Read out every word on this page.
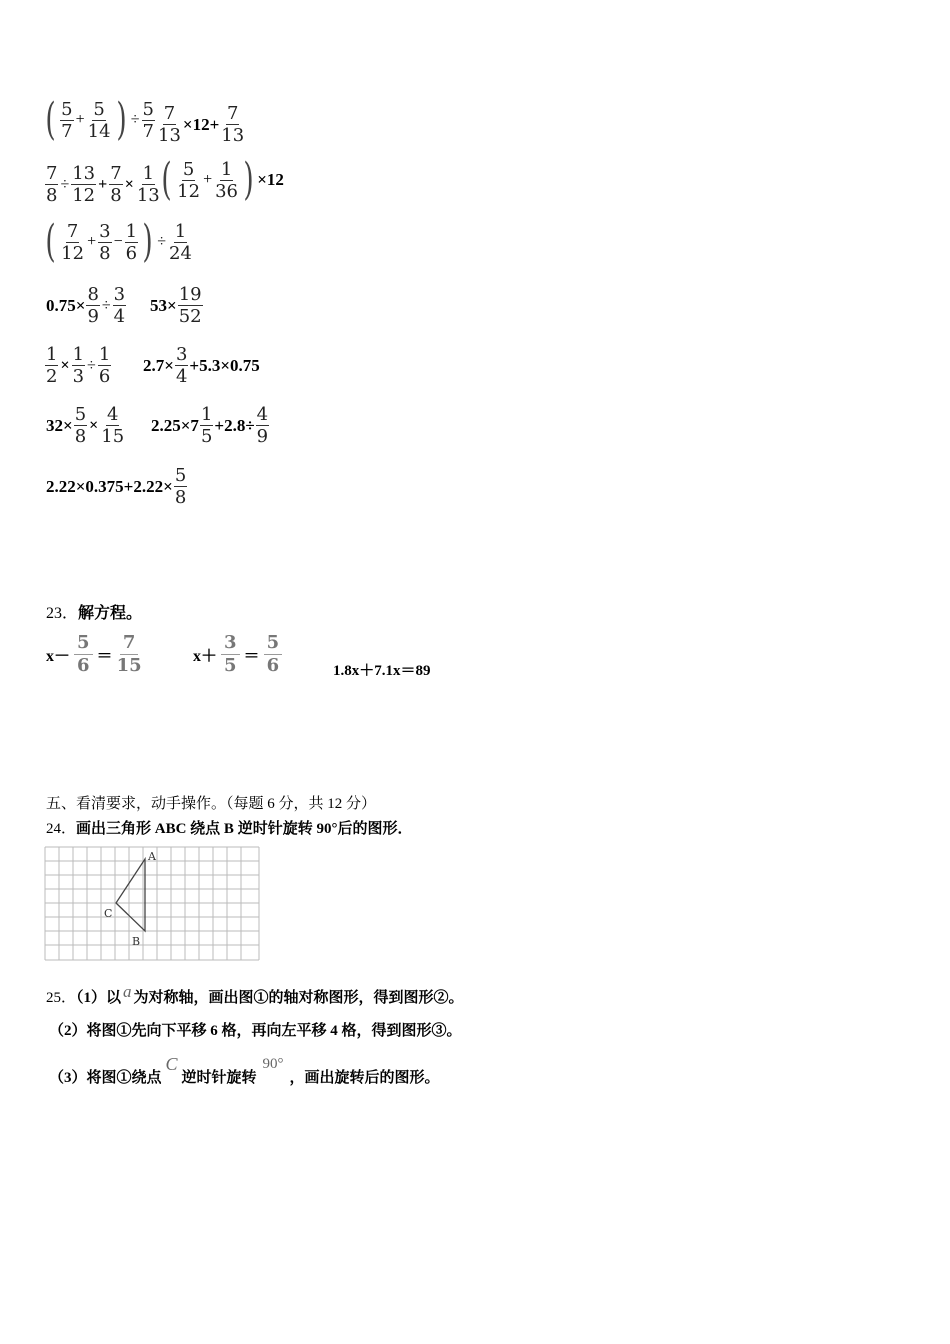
( 5
7
+ $\frac{5}{14}$ ) ÷ $\frac{5}{7} \frac{7}{13} \times 12+ \frac{7}{13}$
$\frac{7}{8} \div \frac{13}{12} + \frac{7}{8} \times \frac{1}{13}$ ( 5
12
+ $\frac{1}{36}$ ) ×12
( 7
12
+ $\frac{3}{8} - \frac{1}{6}$ ) ÷ $\frac{1}{24}$
$0.75\times \frac{8}{9} \div \frac{3}{4} 53\times \frac{19}{52}$
$\frac{1}{2} \times \frac{1}{3} \div \frac{1}{6} 2.7\times \frac{3}{4} +5.3\times 0.75$
$32\times \frac{5}{8} \times \frac{4}{15} 2.25\times 7$ 1
5
$+2.8\div \frac{4}{9}$
$2.22\times 0.375+2.22\times \frac{5}{8}$
23．解方程。
x－
5
6 ＝
7
15	x＋
3
5 ＝
5
6	1.8x＋7.1x＝89
五、看清要求，动手操作。（每题 6 分，共 12 分）
24．画出三角形 ABC 绕点 B 逆时针旋转 90°后的图形．
A
B
C
25．（1）以 a 为对称轴，画出图①的轴对称图形，得到图形②。
（2）将图①先向下平移 6 格，再向左平移 4 格，得到图形③。
（3）将图①绕点C逆时针旋转90°，画出旋转后的图形。
